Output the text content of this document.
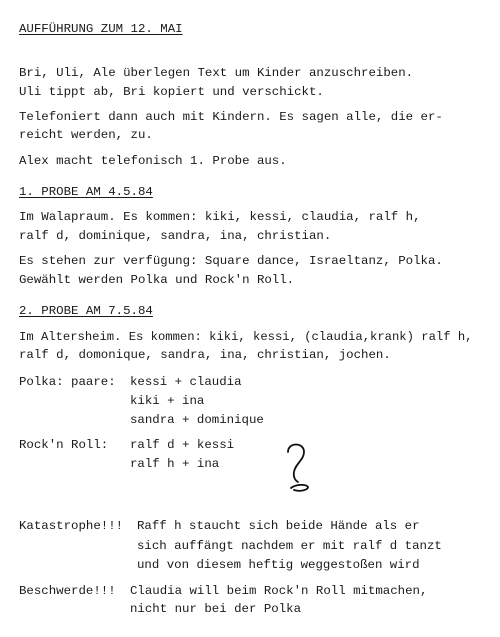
AUFFÜHRUNG ZUM 12. MAI
Bri, Uli, Ale überlegen Text um Kinder anzuschreiben.
Uli tippt ab, Bri kopiert und verschickt.
Telefoniert dann auch mit Kindern. Es sagen alle, die er-
reicht werden, zu.
Alex macht telefonisch 1. Probe aus.
1. PROBE AM 4.5.84
Im Walapraum. Es kommen: kiki, kessi, claudia, ralf h,
ralf d, dominique, sandra, ina, christian.
Es stehen zur verfügung: Square dance, Israeltanz, Polka.
Gewählt werden Polka und Rock'n Roll.
2. PROBE AM 7.5.84
Im Altersheim. Es kommen: kiki, kessi, (claudia,krank) ralf h,
ralf d, domonique, sandra, ina, christian, jochen.
Polka: paare: kessi + claudia
kiki + ina
sandra + dominique
Rock'n Roll: ralf d + kessi
ralf h + ina
Katastrophe!!! Raff h staucht sich beide Hände als er
sich auffängt nachdem er mit ralf d tanzt
und von diesem heftig weggestoßen wird
Beschwerde!!! Claudia will beim Rock'n Roll mitmachen,
nicht nur bei der Polka
